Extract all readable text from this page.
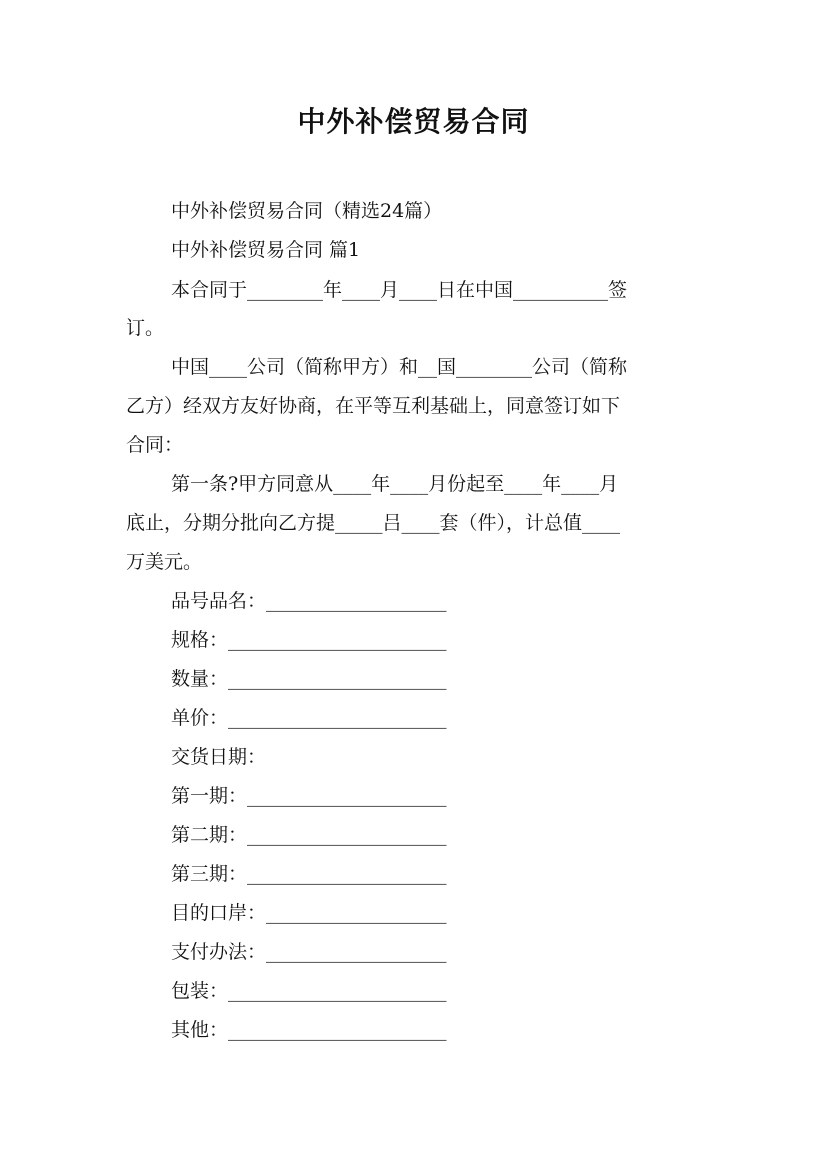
中外补偿贸易合同
中外补偿贸易合同（精选24篇）
中外补偿贸易合同 篇1
本合同于________年____月____日在中国__________签
订。
中国____公司（简称甲方）和__国________公司（简称
乙方）经双方友好协商，在平等互利基础上，同意签订如下
合同：
第一条?甲方同意从____年____月份起至____年____月
底止，分期分批向乙方提_____吕____套（件），计总值____
万美元。
品号品名：___________________
规格：_______________________
数量：_______________________
单价：_______________________
交货日期：
第一期：_____________________
第二期：_____________________
第三期：_____________________
目的口岸：___________________
支付办法：___________________
包装：_______________________
其他：_______________________
